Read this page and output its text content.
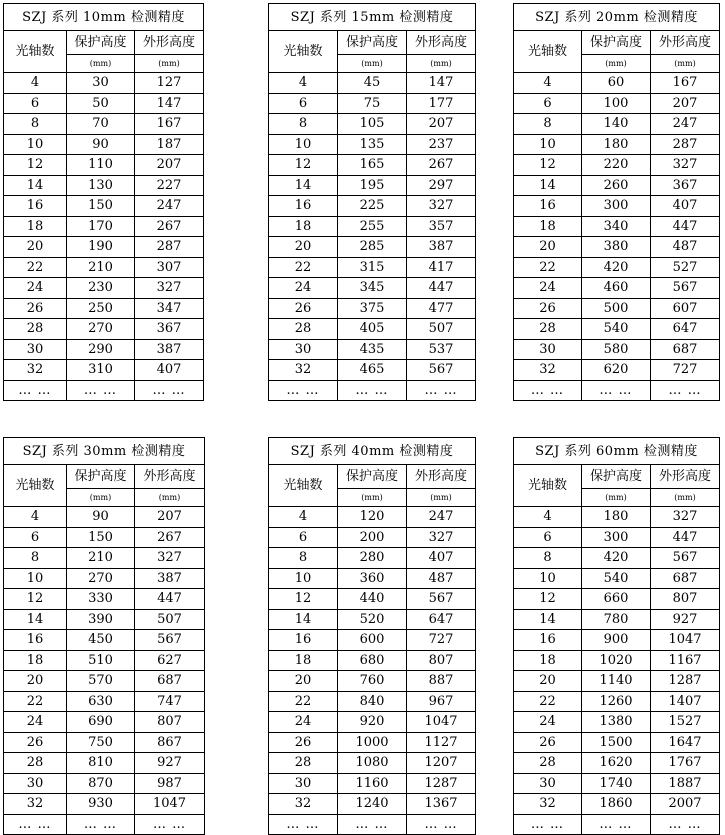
SZJ 系列 10mm 检测精度		
光轴数	保护高度	外形高度
	(mm)	(mm)
4	30	127
6	50	147
8	70	167
10	90	187
12	110	207
14	130	227
16	150	247
18	170	267
20	190	287
22	210	307
24	230	327
26	250	347
28	270	367
30	290	387
32	310	407
… …	… …	… …
SZJ 系列 15mm 检测精度		
光轴数	保护高度	外形高度
	(mm)	(mm)
4	45	147
6	75	177
8	105	207
10	135	237
12	165	267
14	195	297
16	225	327
18	255	357
20	285	387
22	315	417
24	345	447
26	375	477
28	405	507
30	435	537
32	465	567
… …	… …	… …
SZJ 系列 20mm 检测精度		
光轴数	保护高度	外形高度
	(mm)	(mm)
4	60	167
6	100	207
8	140	247
10	180	287
12	220	327
14	260	367
16	300	407
18	340	447
20	380	487
22	420	527
24	460	567
26	500	607
28	540	647
30	580	687
32	620	727
… …	… …	… …
SZJ 系列 30mm 检测精度		
光轴数	保护高度	外形高度
	(mm)	(mm)
4	90	207
6	150	267
8	210	327
10	270	387
12	330	447
14	390	507
16	450	567
18	510	627
20	570	687
22	630	747
24	690	807
26	750	867
28	810	927
30	870	987
32	930	1047
… …	… …	… …
SZJ 系列 40mm 检测精度		
光轴数	保护高度	外形高度
	(mm)	(mm)
4	120	247
6	200	327
8	280	407
10	360	487
12	440	567
14	520	647
16	600	727
18	680	807
20	760	887
22	840	967
24	920	1047
26	1000	1127
28	1080	1207
30	1160	1287
32	1240	1367
… …	… …	… …
SZJ 系列 60mm 检测精度		
光轴数	保护高度	外形高度
	(mm)	(mm)
4	180	327
6	300	447
8	420	567
10	540	687
12	660	807
14	780	927
16	900	1047
18	1020	1167
20	1140	1287
22	1260	1407
24	1380	1527
26	1500	1647
28	1620	1767
30	1740	1887
32	1860	2007
… …	… …	… …
